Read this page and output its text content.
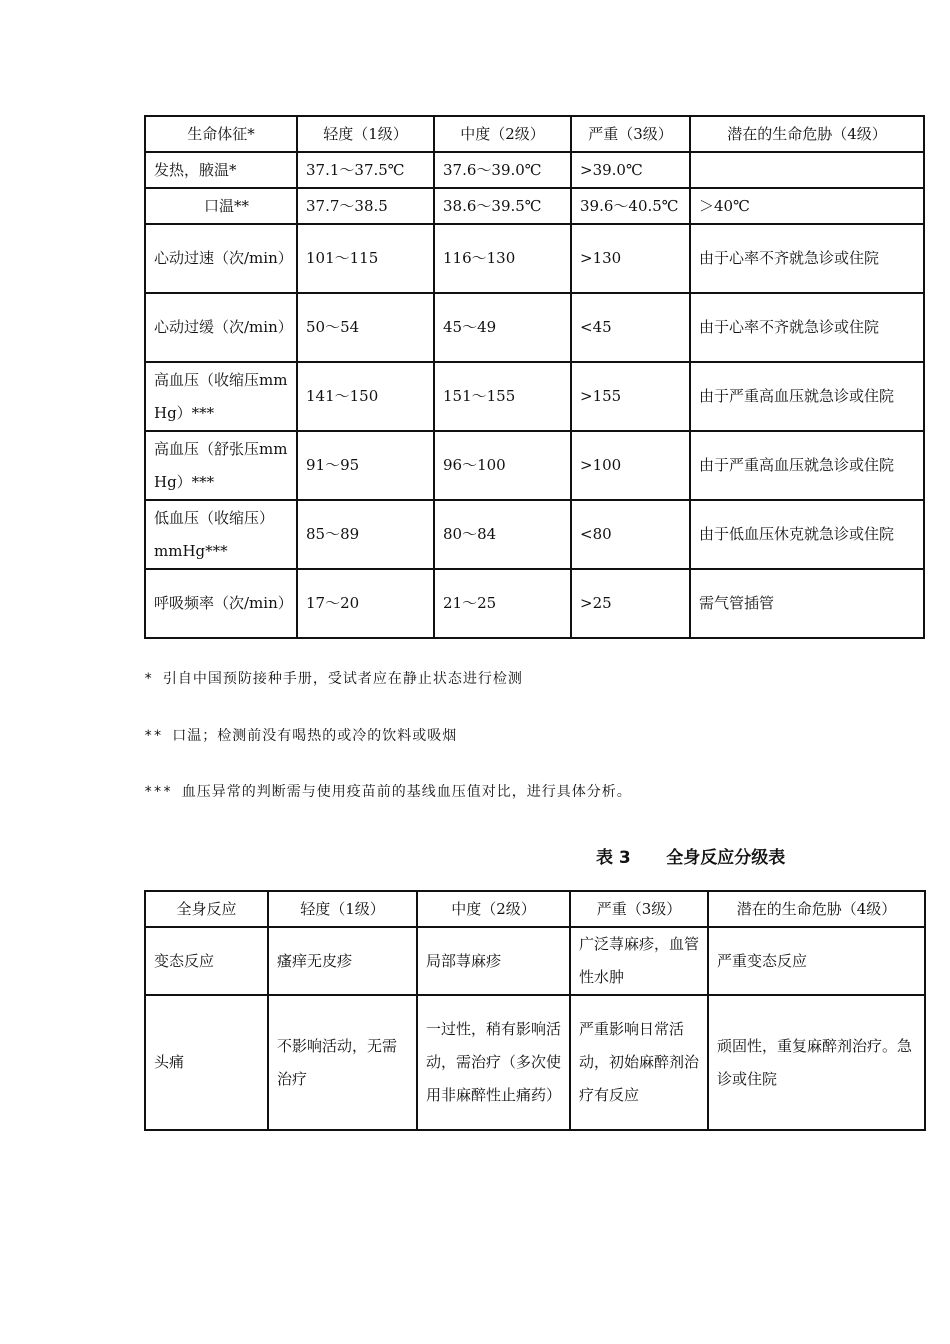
生命体征*	轻度（1级）	中度（2级）	严重（3级）	潜在的生命危胁（4级）
发热，腋温*	37.1～37.5℃	37.6～39.0℃	>39.0℃	
口温**	37.7～38.5	38.6～39.5℃	39.6～40.5℃	＞40℃
心动过速（次/min）	101～115	116～130	>130	由于心率不齐就急诊或住院
心动过缓（次/min）	50～54	45～49	<45	由于心率不齐就急诊或住院
高血压（收缩压mmHg）***	141～150	151～155	>155	由于严重高血压就急诊或住院
高血压（舒张压mmHg）***	91～95	96～100	>100	由于严重高血压就急诊或住院
低血压（收缩压）mmHg***	85～89	80～84	<80	由于低血压休克就急诊或住院
呼吸频率（次/min）	17～20	21～25	>25	需气管插管
* 引自中国预防接种手册，受试者应在静止状态进行检测
** 口温；检测前没有喝热的或冷的饮料或吸烟
*** 血压异常的判断需与使用疫苗前的基线血压值对比，进行具体分析。
表 3      全身反应分级表
全身反应	轻度（1级）	中度（2级）	严重（3级）	潜在的生命危胁（4级）
变态反应	瘙痒无皮疹	局部荨麻疹	广泛荨麻疹，血管性水肿	严重变态反应
头痛	不影响活动，无需治疗	一过性，稍有影响活动，需治疗（多次使用非麻醉性止痛药）	严重影响日常活动，初始麻醉剂治疗有反应	顽固性，重复麻醉剂治疗。急诊或住院
